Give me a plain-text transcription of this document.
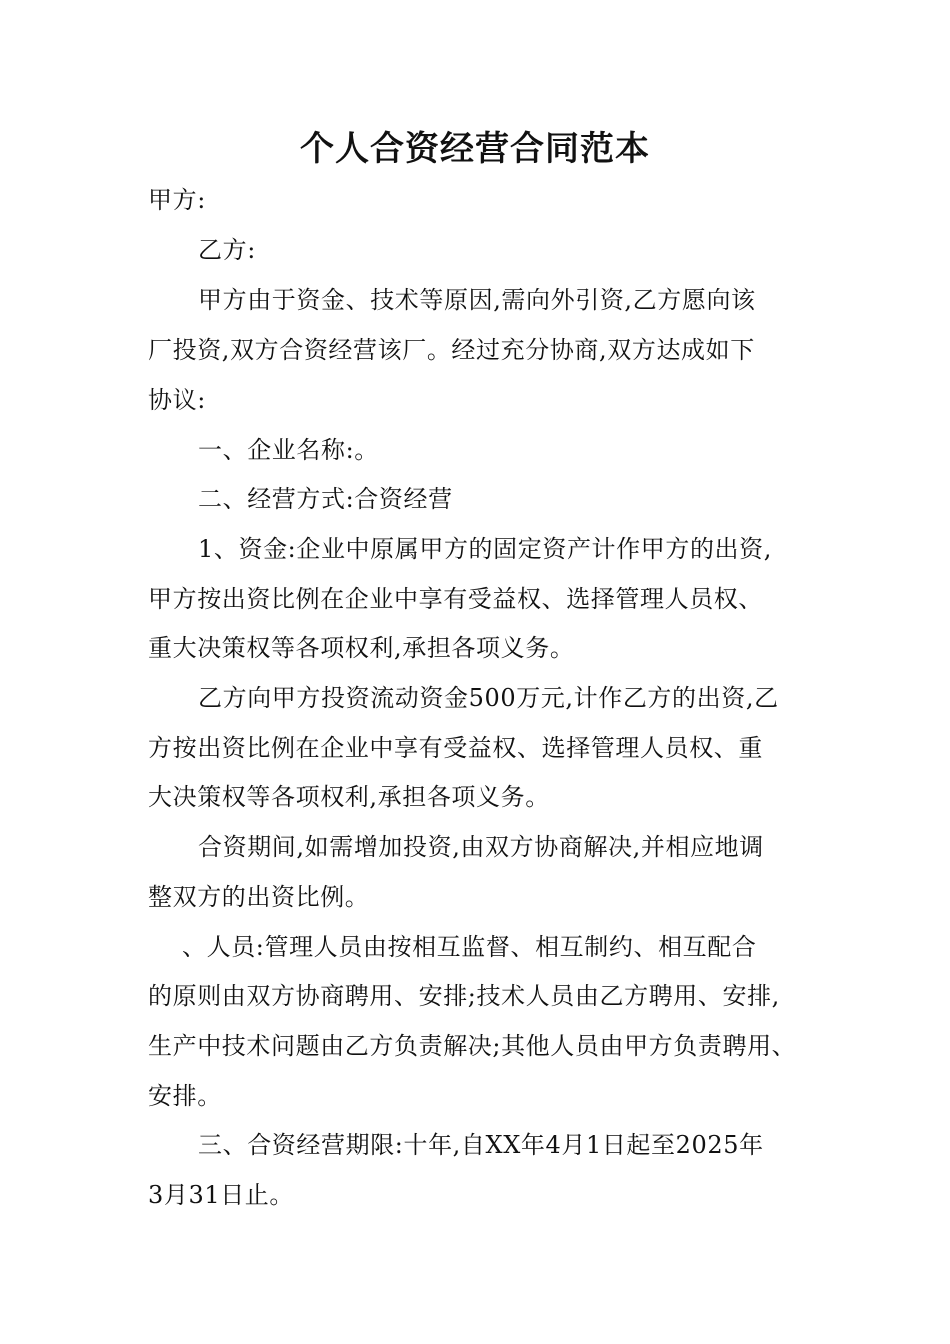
个人合资经营合同范本
甲方:
乙方:
甲方由于资金、技术等原因,需向外引资,乙方愿向该
厂投资,双方合资经营该厂。经过充分协商,双方达成如下
协议:
一、企业名称:。
二、经营方式:合资经营
1、资金:企业中原属甲方的固定资产计作甲方的出资,
甲方按出资比例在企业中享有受益权、选择管理人员权、
重大决策权等各项权利,承担各项义务。
乙方向甲方投资流动资金500万元,计作乙方的出资,乙
方按出资比例在企业中享有受益权、选择管理人员权、重
大决策权等各项权利,承担各项义务。
合资期间,如需增加投资,由双方协商解决,并相应地调
整双方的出资比例。
、人员:管理人员由按相互监督、相互制约、相互配合
的原则由双方协商聘用、安排;技术人员由乙方聘用、安排,
生产中技术问题由乙方负责解决;其他人员由甲方负责聘用、
安排。
三、合资经营期限:十年,自XX年4月1日起至2025年
3月31日止。
